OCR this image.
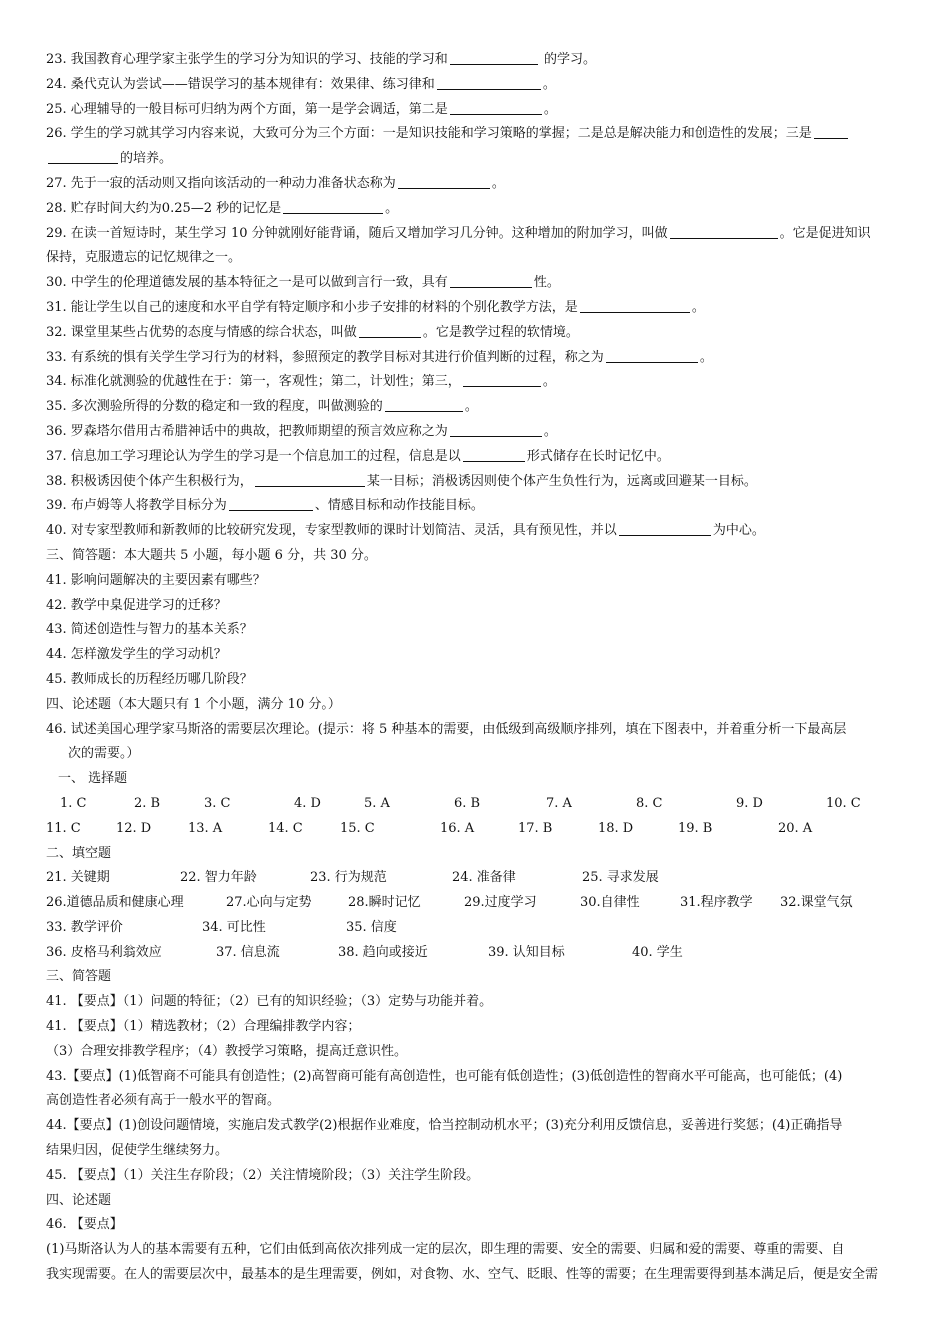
23. 我国教育心理学家主张学生的学习分为知识的学习、技能的学习和	的学习。
24. 桑代克认为尝试——错误学习的基本规律有：效果律、练习律和	。
25. 心理辅导的一般目标可归纳为两个方面，第一是学会调适，第二是	。
26. 学生的学习就其学习内容来说，大致可分为三个方面：一是知识技能和学习策略的掌握；二是总是解决能力和创造性的发展；三是
的培养。
27. 先于一寂的活动则又指向该活动的一种动力准备状态称为	。
28. 贮存时间大约为0.25—2 秒的记忆是	。
29. 在读一首短诗时，某生学习 10 分钟就刚好能背诵，随后又增加学习几分钟。这种增加的附加学习，叫做	。它是促进知识
保持，克服遗忘的记忆规律之一。
30. 中学生的伦理道德发展的基本特征之一是可以做到言行一致，具有	性。
31. 能让学生以自己的速度和水平自学有特定顺序和小步子安排的材料的个别化教学方法，是	。
32. 课堂里某些占优势的态度与情感的综合状态，叫做	。它是教学过程的软情境。
33. 有系统的惧有关学生学习行为的材料，参照预定的教学目标对其进行价值判断的过程，称之为	。
34. 标准化就测验的优越性在于：第一，客观性；第二，计划性；第三，	。
35. 多次测验所得的分数的稳定和一致的程度，叫做测验的	。
36. 罗森塔尔借用古希腊神话中的典故，把教师期望的预言效应称之为	。
37. 信息加工学习理论认为学生的学习是一个信息加工的过程，信息是以	形式储存在长时记忆中。
38. 积极诱因使个体产生积极行为，	某一目标；消极诱因则使个体产生负性行为，远离或回避某一目标。
39. 布卢姆等人将教学目标分为	、情感目标和动作技能目标。
40. 对专家型教师和新教师的比较研究发现，专家型教师的课时计划简洁、灵活，具有预见性，并以	为中心。
三、简答题：本大题共 5 小题，每小题 6 分，共 30 分。
41. 影响问题解决的主要因素有哪些？
42. 教学中臬促进学习的迁移？
43. 简述创造性与智力的基本关系？
44. 怎样激发学生的学习动机？
45. 教师成长的历程经历哪几阶段？
四、论述题（本大题只有 1 个小题，满分 10 分。）
46. 试述美国心理学家马斯洛的需要层次理论。(提示：将 5 种基本的需要，由低级到高级顺序排列，填在下图表中，并着重分析一下最高层
次的需要。）
一、 选择题
1. C	2. B	3. C	4. D	5. A	6. B	7. A	8. C	9. D	10. C
11. C	12. D	13. A	14. C	15. C	16. A	17. B	18. D	19. B	20. A
二、填空题
21. 关键期	22. 智力年龄	23. 行为规范	24. 准备律	25. 寻求发展
26.道德品质和健康心理	27.心向与定势	28.瞬时记忆	29.过度学习	30.自律性	31.程序教学	32.课堂气氛
33. 教学评价	34. 可比性	35. 信度
36. 皮格马利翁效应	37. 信息流	38. 趋向或接近	39. 认知目标	40. 学生
三、简答题
41. 【要点】（1）问题的特征；（2）已有的知识经验；（3）定势与功能并着。
41. 【要点】（1）精选教材；（2）合理编排教学内容；
（3）合理安排教学程序；（4）教授学习策略，提高迁意识性。
43.【要点】(1)低智商不可能具有创造性；(2)高智商可能有高创造性，也可能有低创造性；(3)低创造性的智商水平可能高，也可能低；(4)
高创造性者必须有高于一般水平的智商。
44.【要点】(1)创设问题情境，实施启发式教学(2)根据作业难度，恰当控制动机水平；(3)充分利用反馈信息，妥善进行奖惩；(4)正确指导
结果归因，促使学生继续努力。
45. 【要点】（1）关注生存阶段；（2）关注情境阶段；（3）关注学生阶段。
四、论述题
46. 【要点】
(1)马斯洛认为人的基本需要有五种，它们由低到高依次排列成一定的层次，即生理的需要、安全的需要、归属和爱的需要、尊重的需要、自
我实现需要。在人的需要层次中，最基本的是生理需要，例如，对食物、水、空气、眨眼、性等的需要；在生理需要得到基本满足后，便是安全需
